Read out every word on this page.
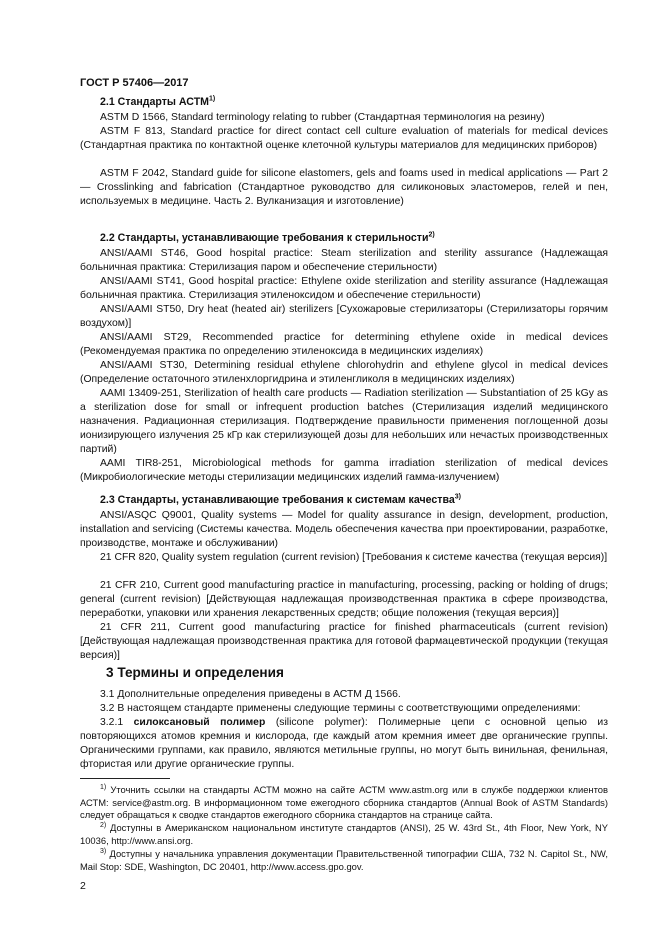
ГОСТ Р 57406—2017

2.1 Стандарты АСТМ$^{1)}$

ASTM D 1566, Standard terminology relating to rubber (Стандартная терминология на резину)

ASTM F 813, Standard practice for direct contact cell culture evaluation of materials for medical devices (Стандартная практика по контактной оценке клеточной культуры материалов для медицинских приборов)

ASTM F 2042, Standard guide for silicone elastomers, gels and foams used in medical applications — Part 2 — Crosslinking and fabrication (Стандартное руководство для силиконовых эластомеров, гелей и пен, используемых в медицине. Часть 2. Вулканизация и изготовление)

2.2 Стандарты, устанавливающие требования к стерильности$^{2)}$

ANSI/AAMI ST46, Good hospital practice: Steam sterilization and sterility assurance (Надлежащая больничная практика: Стерилизация паром и обеспечение стерильности)

ANSI/AAMI ST41, Good hospital practice: Ethylene oxide sterilization and sterility assurance (Надлежащая больничная практика. Стерилизация этиленоксидом и обеспечение стерильности)

ANSI/AAMI ST50, Dry heat (heated air) sterilizers [Сухожаровые стерилизаторы (Стерилизаторы горячим воздухом)]

ANSI/AAMI ST29, Recommended practice for determining ethylene oxide in medical devices (Рекомендуемая практика по определению этиленоксида в медицинских изделиях)

ANSI/AAMI ST30, Determining residual ethylene chlorohydrin and ethylene glycol in medical devices (Определение остаточного этиленхлоргидрина и этиленгликоля в медицинских изделиях)

AAMI 13409-251, Sterilization of health care products — Radiation sterilization — Substantiation of 25 kGy as a sterilization dose for small or infrequent production batches (Стерилизация изделий медицинского назначения. Радиационная стерилизация. Подтверждение правильности применения поглощенной дозы ионизирующего излучения 25 кГр как стерилизующей дозы для небольших или нечастых производственных партий)

AAMI TIR8-251, Microbiological methods for gamma irradiation sterilization of medical devices (Микробиологические методы стерилизации медицинских изделий гамма-излучением)

2.3 Стандарты, устанавливающие требования к системам качества$^{3)}$

ANSI/ASQC Q9001, Quality systems — Model for quality assurance in design, development, production, installation and servicing (Системы качества. Модель обеспечения качества при проектировании, разработке, производстве, монтаже и обслуживании)

21 CFR 820, Quality system regulation (current revision) [Требования к системе качества (текущая версия)]

21 CFR 210, Current good manufacturing practice in manufacturing, processing, packing or holding of drugs; general (current revision) [Действующая надлежащая производственная практика в сфере производства, переработки, упаковки или хранения лекарственных средств; общие положения (текущая версия)]

21 CFR 211, Current good manufacturing practice for finished pharmaceuticals (current revision) [Действующая надлежащая производственная практика для готовой фармацевтической продукции (текущая версия)]

3 Термины и определения

3.1 Дополнительные определения приведены в АСТМ Д 1566.

3.2 В настоящем стандарте применены следующие термины с соответствующими определениями:

3.2.1 силоксановый полимер (silicone polymer): Полимерные цепи с основной цепью из повторяющихся атомов кремния и кислорода, где каждый атом кремния имеет две органические группы. Органическими группами, как правило, являются метильные группы, но могут быть винильная, фенильная, фтористая или другие органические группы.

$^{1)}$ Уточнить ссылки на стандарты АСТМ можно на сайте АСТМ www.astm.org или в службе поддержки клиентов АСТМ: service@astm.org. В информационном томе ежегодного сборника стандартов (Annual Book of ASTM Standards) следует обращаться к сводке стандартов ежегодного сборника стандартов на странице сайта.

$^{2)}$ Доступны в Американском национальном институте стандартов (ANSI), 25 W. 43rd St., 4th Floor, New York, NY 10036, http://www.ansi.org.

$^{3)}$ Доступны у начальника управления документации Правительственной типографии США, 732 N. Capitol St., NW, Mail Stop: SDE, Washington, DC 20401, http://www.access.gpo.gov.

2
